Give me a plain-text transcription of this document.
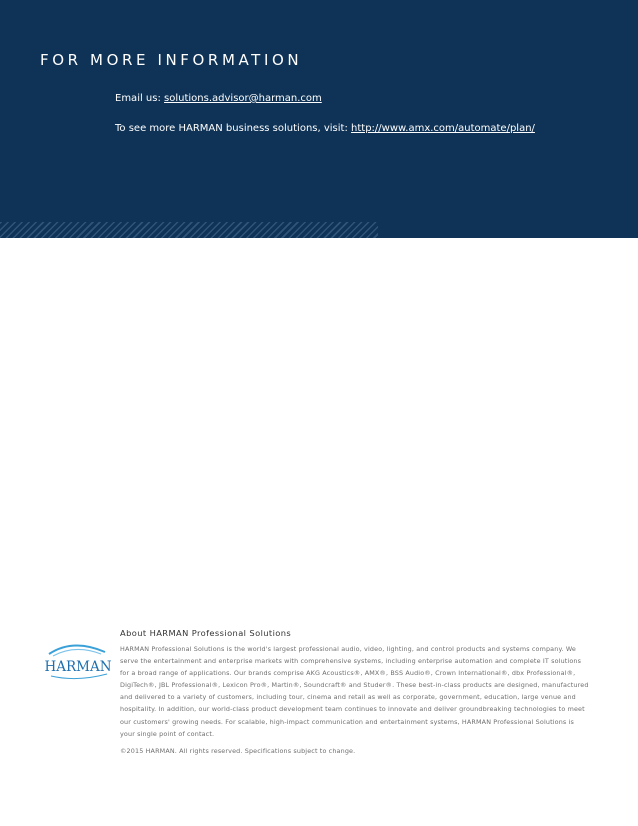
FOR MORE INFORMATION
Email us: solutions.advisor@harman.com
To see more HARMAN business solutions, visit: http://www.amx.com/automate/plan/
HARMAN

About HARMAN Professional Solutions

HARMAN Professional Solutions is the world's largest professional audio, video, lighting, and control products and systems company. We serve the entertainment and enterprise markets with comprehensive systems, including enterprise automation and complete IT solutions for a broad range of applications. Our brands comprise AKG Acoustics®, AMX®, BSS Audio®, Crown International®, dbx Professional®, DigiTech®, JBL Professional®, Lexicon Pro®, Martin®, Soundcraft® and Studer®. These best-in-class products are designed, manufactured and delivered to a variety of customers, including tour, cinema and retail as well as corporate, government, education, large venue and hospitality. In addition, our world-class product development team continues to innovate and deliver groundbreaking technologies to meet our customers' growing needs. For scalable, high-impact communication and entertainment systems, HARMAN Professional Solutions is your single point of contact.

©2015 HARMAN. All rights reserved. Specifications subject to change.
